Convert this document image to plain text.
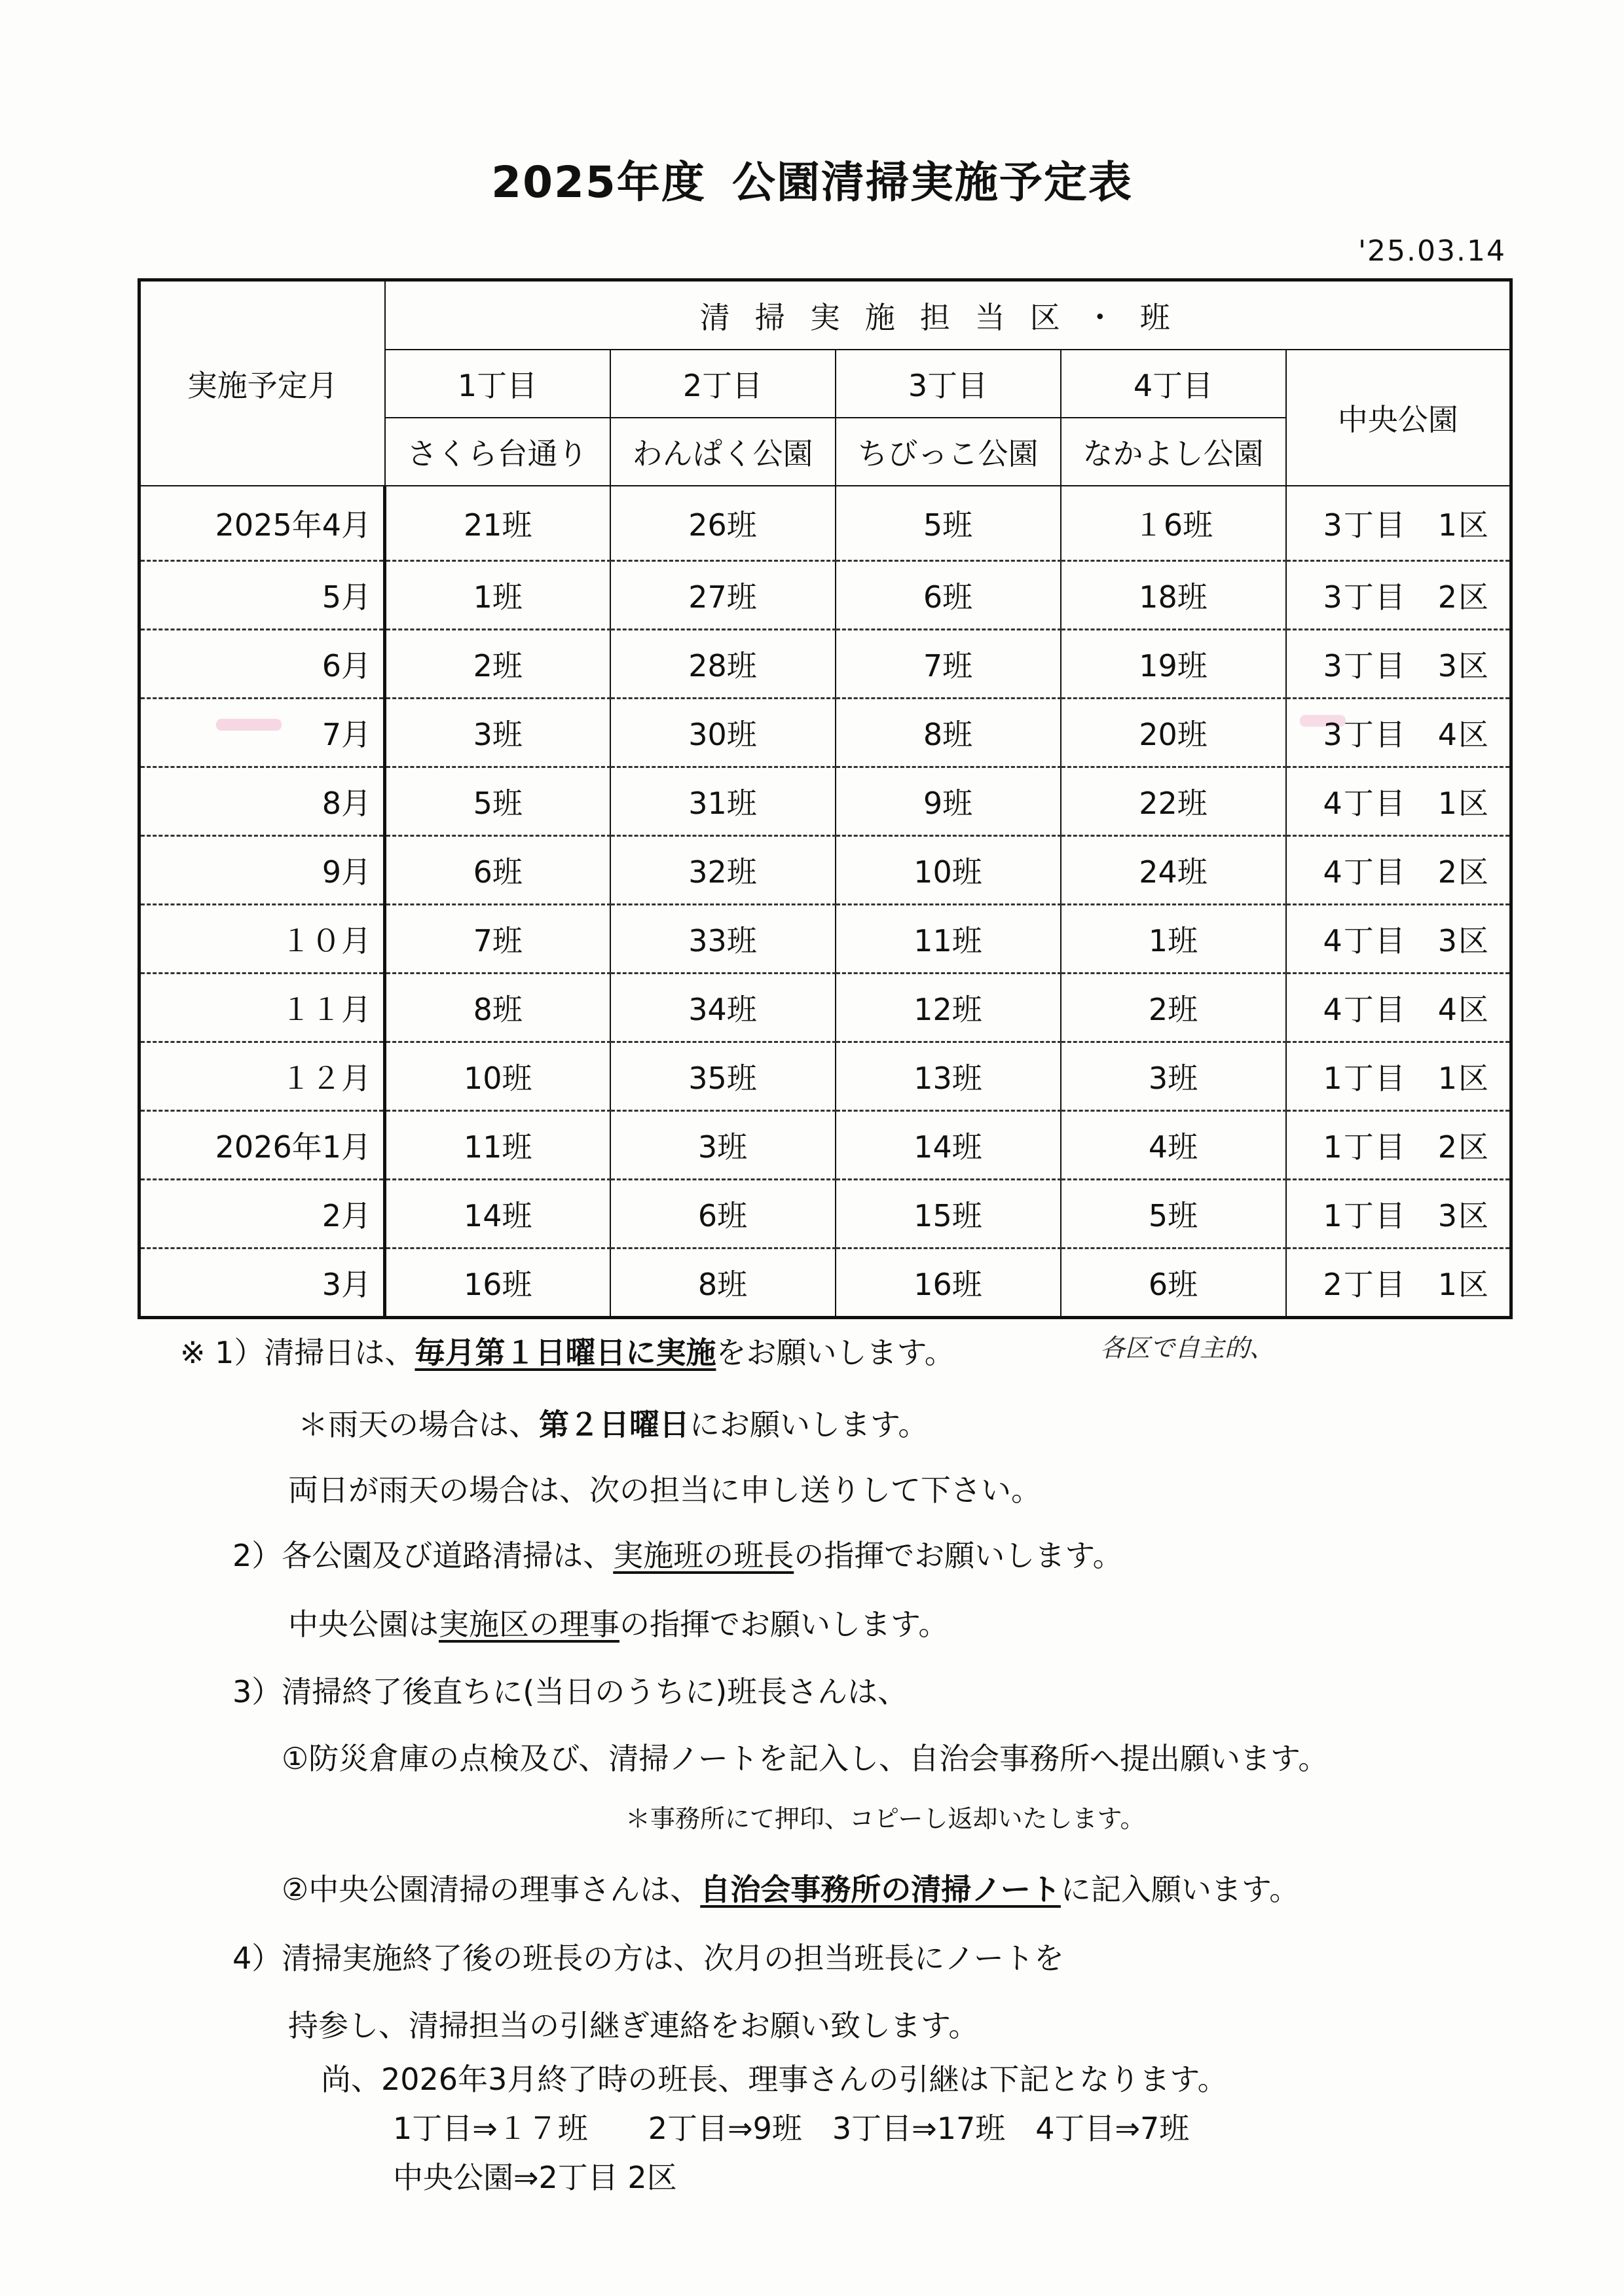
2025年度 公園清掃実施予定表
'25.03.14
実施予定月	清掃実施担当区・班				
	1丁目	2丁目	3丁目	4丁目	中央公園
	さくら台通り	わんぱく公園	ちびっこ公園	なかよし公園	
2025年4月	21班	26班	5班	１6班	3丁目　1区
5月	1班	27班	6班	18班	3丁目　2区
6月	2班	28班	7班	19班	3丁目　3区
7月	3班	30班	8班	20班	3丁目　4区
8月	5班	31班	9班	22班	4丁目　1区
9月	6班	32班	10班	24班	4丁目　2区
１０月	7班	33班	11班	1班	4丁目　3区
１１月	8班	34班	12班	2班	4丁目　4区
１２月	10班	35班	13班	3班	1丁目　1区
2026年1月	11班	3班	14班	4班	1丁目　2区
2月	14班	6班	15班	5班	1丁目　3区
3月	16班	8班	16班	6班	2丁目　1区
※ 1）清掃日は、毎月第１日曜日に実施をお願いします。	各区で自主的、
＊雨天の場合は、第２日曜日にお願いします。
両日が雨天の場合は、次の担当に申し送りして下さい。
2）各公園及び道路清掃は、実施班の班長の指揮でお願いします。
中央公園は実施区の理事の指揮でお願いします。
3）清掃終了後直ちに(当日のうちに)班長さんは、
①防災倉庫の点検及び、清掃ノートを記入し、自治会事務所へ提出願います。
＊事務所にて押印、コピーし返却いたします。
②中央公園清掃の理事さんは、自治会事務所の清掃ノートに記入願います。
4）清掃実施終了後の班長の方は、次月の担当班長にノートを
持参し、清掃担当の引継ぎ連絡をお願い致します。
尚、2026年3月終了時の班長、理事さんの引継は下記となります。
1丁目⇒１７班　　2丁目⇒9班　3丁目⇒17班　4丁目⇒7班
中央公園⇒2丁目 2区
